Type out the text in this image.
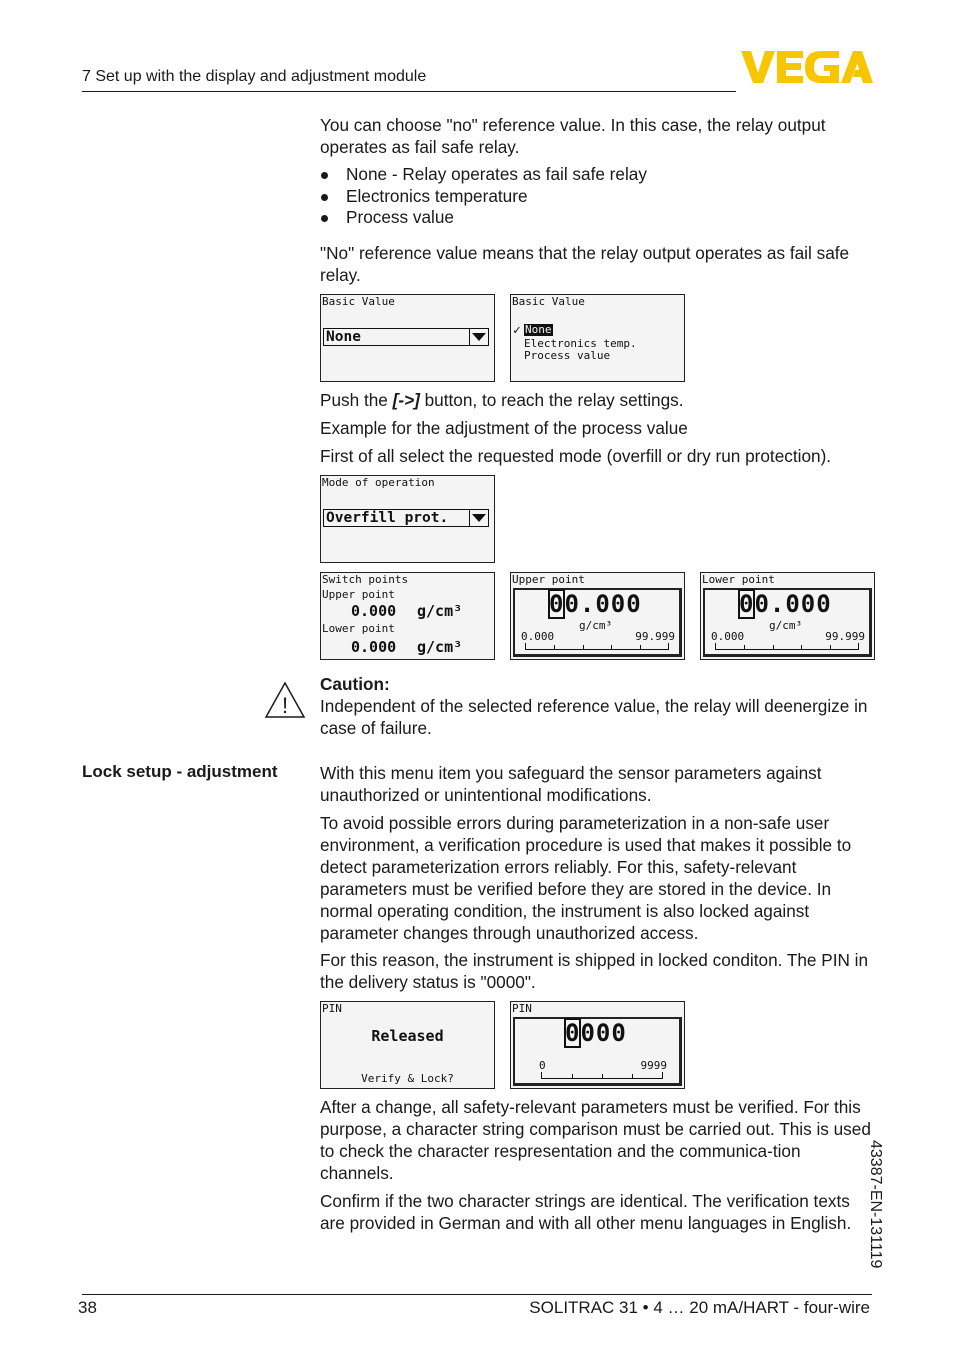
7 Set up with the display and adjustment module

You can choose "no" reference value. In this case, the relay output operates as fail safe relay.

None - Relay operates as fail safe relay
Electronics temperature
Process value

"No" reference value means that the relay output operates as fail safe relay.

Basic Value
None
Basic Value
✓ None
Electronics temp.
Process value

Push the [->] button, to reach the relay settings.

Example for the adjustment of the process value

First of all select the requested mode (overfill or dry run protection).

Mode of operation
Overfill prot.
Switch points
Upper point
0.000 g/cm³
Lower point
0.000 g/cm³
Upper point
00.000
g/cm³
0.000	99.999
Lower point
00.000
g/cm³
0.000	99.999
!
Caution:

Independent of the selected reference value, the relay will deenergize in case of failure.

Lock setup - adjustment With this menu item you safeguard the sensor parameters against unauthorized or unintentional modifications.

To avoid possible errors during parameterization in a non-safe user environment, a verification procedure is used that makes it possible to detect parameterization errors reliably. For this, safety-relevant parameters must be verified before they are stored in the device. In normal operating condition, the instrument is also locked against parameter changes through unauthorized access.

For this reason, the instrument is shipped in locked conditon. The PIN in the delivery status is "0000".

PIN
Released
Verify & Lock?
PIN
0000
0	9999

After a change, all safety-relevant parameters must be verified. For this purpose, a character string comparison must be carried out. This is used to check the character respresentation and the communica-tion channels.

Confirm if the two character strings are identical. The verification texts are provided in German and with all other menu languages in English. 43387-EN-131119
38	SOLITRAC 31 • 4 … 20 mA/HART - four-wire
